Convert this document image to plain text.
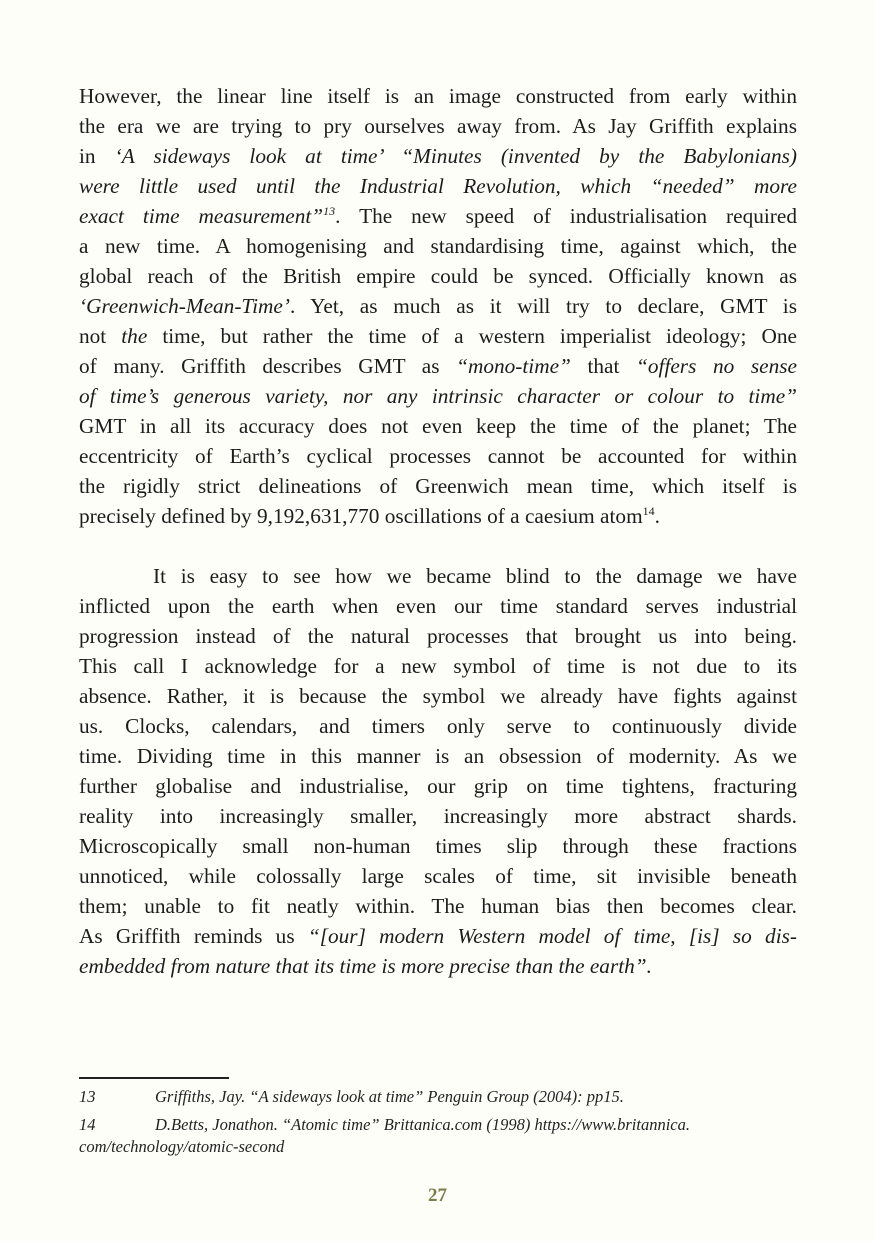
However, the linear line itself is an image constructed from early within
the era we are trying to pry ourselves away from. As Jay Griffith explains
in ‘A sideways look at time’ “Minutes (invented by the Babylonians)
were little used until the Industrial Revolution, which “needed” more
exact time measurement”$^{13}$. The new speed of industrialisation required
a new time. A homogenising and standardising time, against which, the
global reach of the British empire could be synced. Officially known as
‘Greenwich-Mean-Time’. Yet, as much as it will try to declare, GMT is
not the time, but rather the time of a western imperialist ideology; One
of many. Griffith describes GMT as “mono-time” that “offers no sense
of time’s generous variety, nor any intrinsic character or colour to time”
GMT in all its accuracy does not even keep the time of the planet; The
eccentricity of Earth’s cyclical processes cannot be accounted for within
the rigidly strict delineations of Greenwich mean time, which itself is
precisely defined by 9,192,631,770 oscillations of a caesium atom$^{14}$.

It is easy to see how we became blind to the damage we have
inflicted upon the earth when even our time standard serves industrial
progression instead of the natural processes that brought us into being.
This call I acknowledge for a new symbol of time is not due to its
absence. Rather, it is because the symbol we already have fights against
us. Clocks, calendars, and timers only serve to continuously divide
time. Dividing time in this manner is an obsession of modernity. As we
further globalise and industrialise, our grip on time tightens, fracturing
reality into increasingly smaller, increasingly more abstract shards.
Microscopically small non-human times slip through these fractions
unnoticed, while colossally large scales of time, sit invisible beneath
them; unable to fit neatly within. The human bias then becomes clear.
As Griffith reminds us “[our] modern Western model of time, [is] so dis-
embedded from nature that its time is more precise than the earth”.

13	Griffiths, Jay. “A sideways look at time” Penguin Group (2004): pp15.
14	D.Betts, Jonathon. “Atomic time” Brittanica.com (1998) https://www.britannica.
com/technology/atomic-second
27
